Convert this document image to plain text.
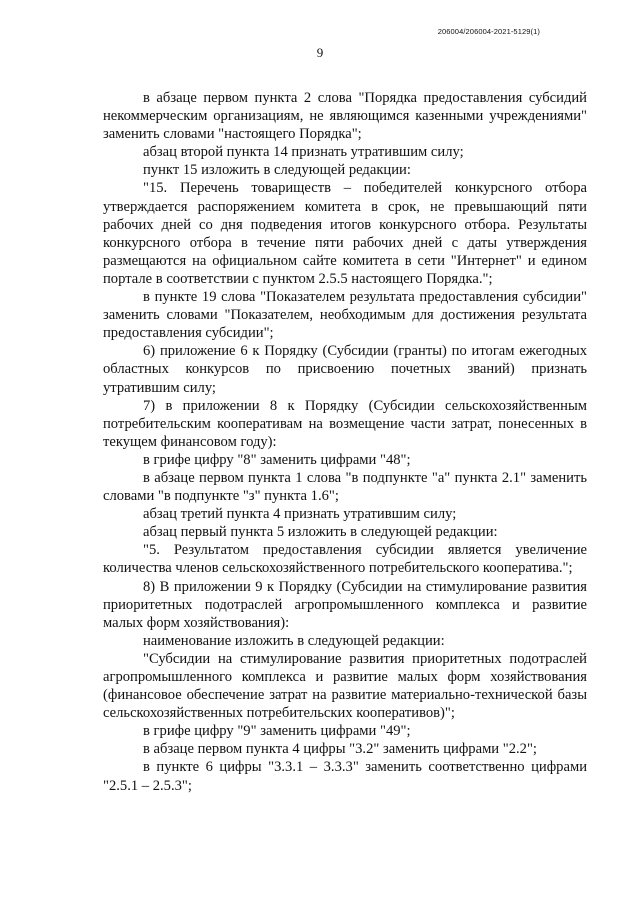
206004/206004-2021-5129(1)
9

в абзаце первом пункта 2 слова "Порядка предоставления субсидий некоммерческим организациям, не являющимся казенными учреждениями" заменить словами "настоящего Порядка";

абзац второй пункта 14 признать утратившим силу;

пункт 15 изложить в следующей редакции:

"15. Перечень товариществ – победителей конкурсного отбора утверждается распоряжением комитета в срок, не превышающий пяти рабочих дней со дня подведения итогов конкурсного отбора. Результаты конкурсного отбора в течение пяти рабочих дней с даты утверждения размещаются на официальном сайте комитета в сети "Интернет" и едином портале в соответствии с пунктом 2.5.5 настоящего Порядка.";

в пункте 19 слова "Показателем результата предоставления субсидии" заменить словами "Показателем, необходимым для достижения результата предоставления субсидии";

6) приложение 6 к Порядку (Субсидии (гранты) по итогам ежегодных областных конкурсов по присвоению почетных званий) признать утратившим силу;

7) в приложении 8 к Порядку (Субсидии сельскохозяйственным потребительским кооперативам на возмещение части затрат, понесенных в текущем финансовом году):

в грифе цифру "8" заменить цифрами "48";

в абзаце первом пункта 1 слова "в подпункте "а" пункта 2.1" заменить словами "в подпункте "з" пункта 1.6";

абзац третий пункта 4 признать утратившим силу;

абзац первый пункта 5 изложить в следующей редакции:

"5. Результатом предоставления субсидии является увеличение количества членов сельскохозяйственного потребительского кооператива.";

8) В приложении 9 к Порядку (Субсидии на стимулирование развития приоритетных подотраслей агропромышленного комплекса и развитие малых форм хозяйствования):

наименование изложить в следующей редакции:

"Субсидии на стимулирование развития приоритетных подотраслей агропромышленного комплекса и развитие малых форм хозяйствования (финансовое обеспечение затрат на развитие материально-технической базы сельскохозяйственных потребительских кооперативов)";

в грифе цифру "9" заменить цифрами "49";

в абзаце первом пункта 4 цифры "3.2" заменить цифрами "2.2";

в пункте 6 цифры "3.3.1 – 3.3.3" заменить соответственно цифрами "2.5.1 – 2.5.3";
